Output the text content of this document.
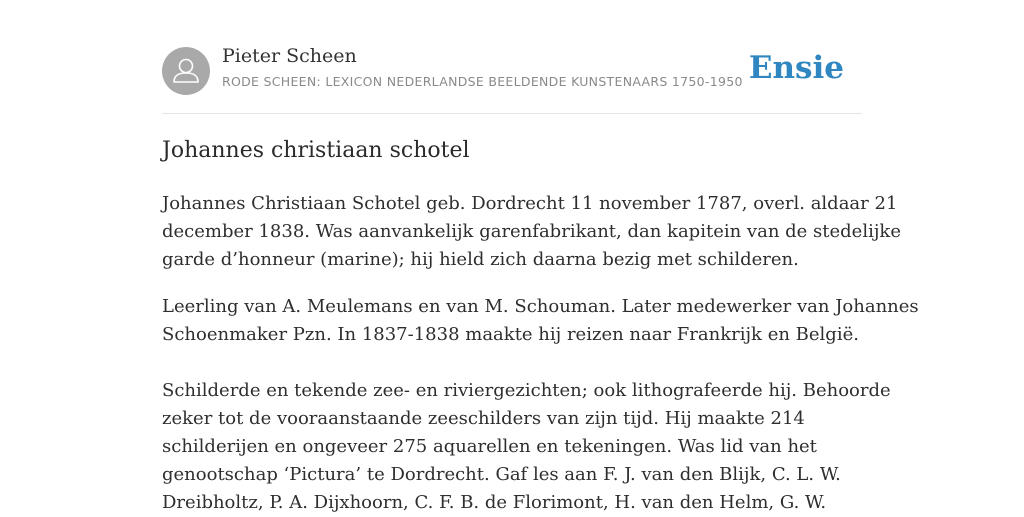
Pieter Scheen
RODE SCHEEN: LEXICON NEDERLANDSE BEELDENDE KUNSTENAARS 1750-1950 Ensie
Johannes christiaan schotel

Johannes Christiaan Schotel geb. Dordrecht 11 november 1787, overl. aldaar 21
december 1838. Was aanvankelijk garenfabrikant, dan kapitein van de stedelijke
garde d’honneur (marine); hij hield zich daarna bezig met schilderen.

Leerling van A. Meulemans en van M. Schouman. Later medewerker van Johannes
Schoenmaker Pzn. In 1837-1838 maakte hij reizen naar Frankrijk en België.

Schilderde en tekende zee- en riviergezichten; ook lithografeerde hij. Behoorde
zeker tot de vooraanstaande zeeschilders van zijn tijd. Hij maakte 214
schilderijen en ongeveer 275 aquarellen en tekeningen. Was lid van het
genootschap ‘Pictura’ te Dordrecht. Gaf les aan F. J. van den Blijk, C. L. W.
Dreibholtz, P. A. Dijxhoorn, C. F. B. de Florimont, H. van den Helm, G. W.
